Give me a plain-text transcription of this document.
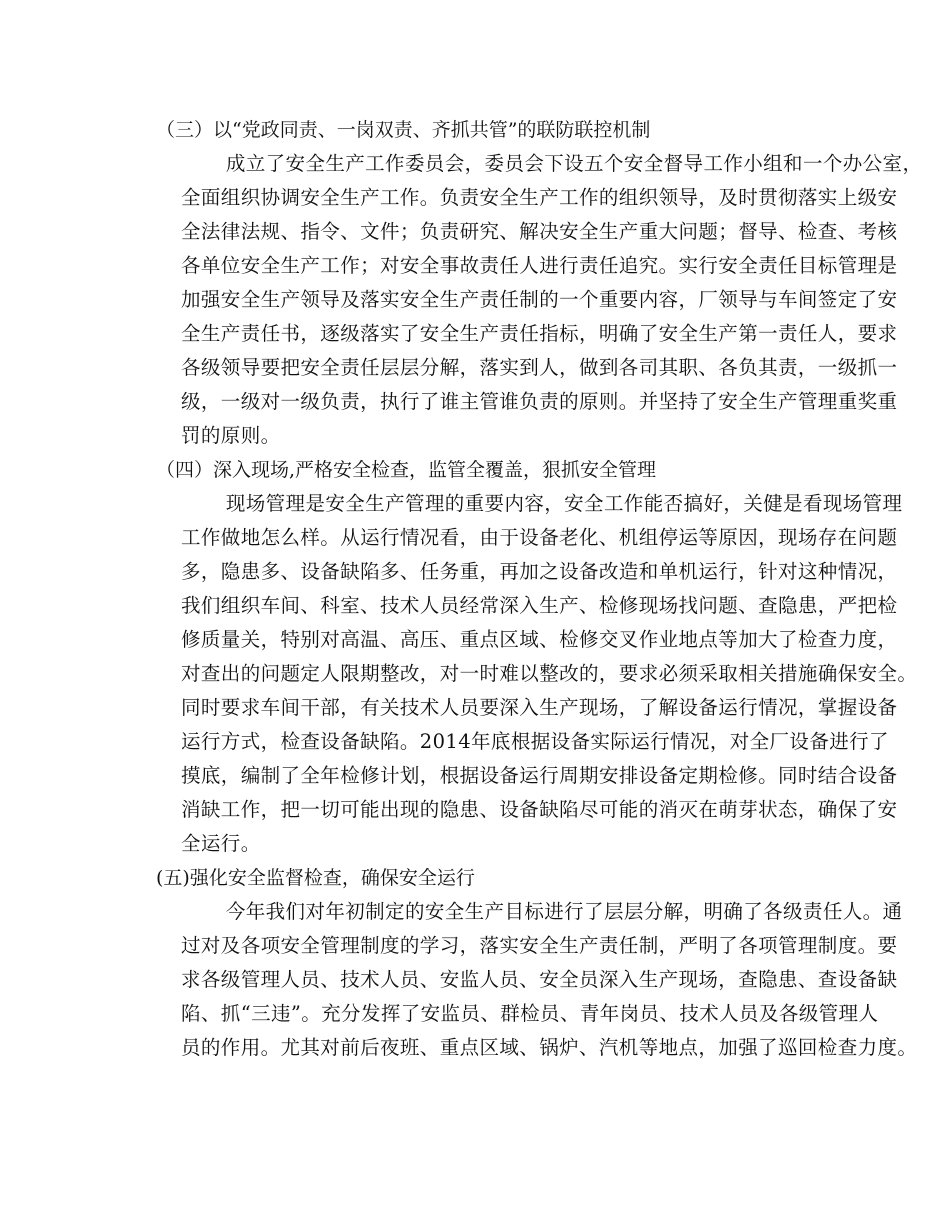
（三）以“党政同责、一岗双责、齐抓共管”的联防联控机制

成立了安全生产工作委员会，委员会下设五个安全督导工作小组和一个办公室，
全面组织协调安全生产工作。负责安全生产工作的组织领导，及时贯彻落实上级安
全法律法规、指令、文件；负责研究、解决安全生产重大问题；督导、检查、考核
各单位安全生产工作；对安全事故责任人进行责任追究。实行安全责任目标管理是
加强安全生产领导及落实安全生产责任制的一个重要内容，厂领导与车间签定了安
全生产责任书，逐级落实了安全生产责任指标，明确了安全生产第一责任人，要求
各级领导要把安全责任层层分解，落实到人，做到各司其职、各负其责，一级抓一
级，一级对一级负责，执行了谁主管谁负责的原则。并坚持了安全生产管理重奖重
罚的原则。

（四）深入现场,严格安全检查，监管全覆盖，狠抓安全管理

现场管理是安全生产管理的重要内容，安全工作能否搞好，关健是看现场管理
工作做地怎么样。从运行情况看，由于设备老化、机组停运等原因，现场存在问题
多，隐患多、设备缺陷多、任务重，再加之设备改造和单机运行，针对这种情况，
我们组织车间、科室、技术人员经常深入生产、检修现场找问题、查隐患，严把检
修质量关，特别对高温、高压、重点区域、检修交叉作业地点等加大了检查力度，
对查出的问题定人限期整改，对一时难以整改的，要求必须采取相关措施确保安全。
同时要求车间干部，有关技术人员要深入生产现场，了解设备运行情况，掌握设备
运行方式，检查设备缺陷。2014年底根据设备实际运行情况，对全厂设备进行了
摸底，编制了全年检修计划，根据设备运行周期安排设备定期检修。同时结合设备
消缺工作，把一切可能出现的隐患、设备缺陷尽可能的消灭在萌芽状态，确保了安
全运行。

(五)强化安全监督检查，确保安全运行

今年我们对年初制定的安全生产目标进行了层层分解，明确了各级责任人。通
过对及各项安全管理制度的学习，落实安全生产责任制，严明了各项管理制度。要
求各级管理人员、技术人员、安监人员、安全员深入生产现场，查隐患、查设备缺
陷、抓“三违”。充分发挥了安监员、群检员、青年岗员、技术人员及各级管理人
员的作用。尤其对前后夜班、重点区域、锅炉、汽机等地点，加强了巡回检查力度。
